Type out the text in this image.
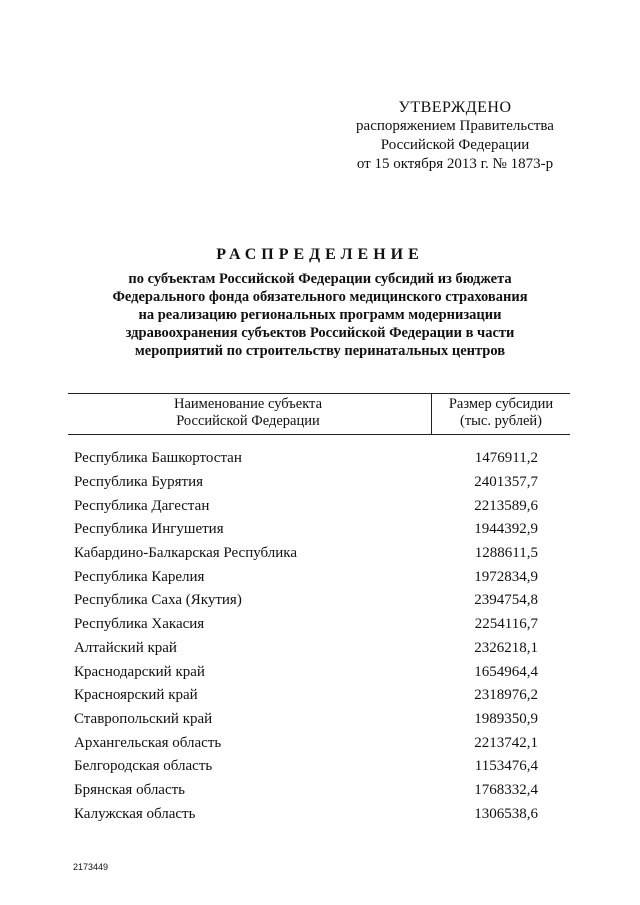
УТВЕРЖДЕНО
распоряжением Правительства
Российской Федерации
от 15 октября 2013 г. № 1873-р
РАСПРЕДЕЛЕНИЕ
по субъектам Российской Федерации субсидий из бюджета
Федерального фонда обязательного медицинского страхования
на реализацию региональных программ модернизации
здравоохранения субъектов Российской Федерации в части
мероприятий по строительству перинатальных центров
Наименование субъекта
Российской Федерации
Размер субсидии
(тыс. рублей)
Республика Башкортостан	1476911,2
Республика Бурятия	2401357,7
Республика Дагестан	2213589,6
Республика Ингушетия	1944392,9
Кабардино-Балкарская Республика	1288611,5
Республика Карелия	1972834,9
Республика Саха (Якутия)	2394754,8
Республика Хакасия	2254116,7
Алтайский край	2326218,1
Краснодарский край	1654964,4
Красноярский край	2318976,2
Ставропольский край	1989350,9
Архангельская область	2213742,1
Белгородская область	1153476,4
Брянская область	1768332,4
Калужская область	1306538,6
2173449
